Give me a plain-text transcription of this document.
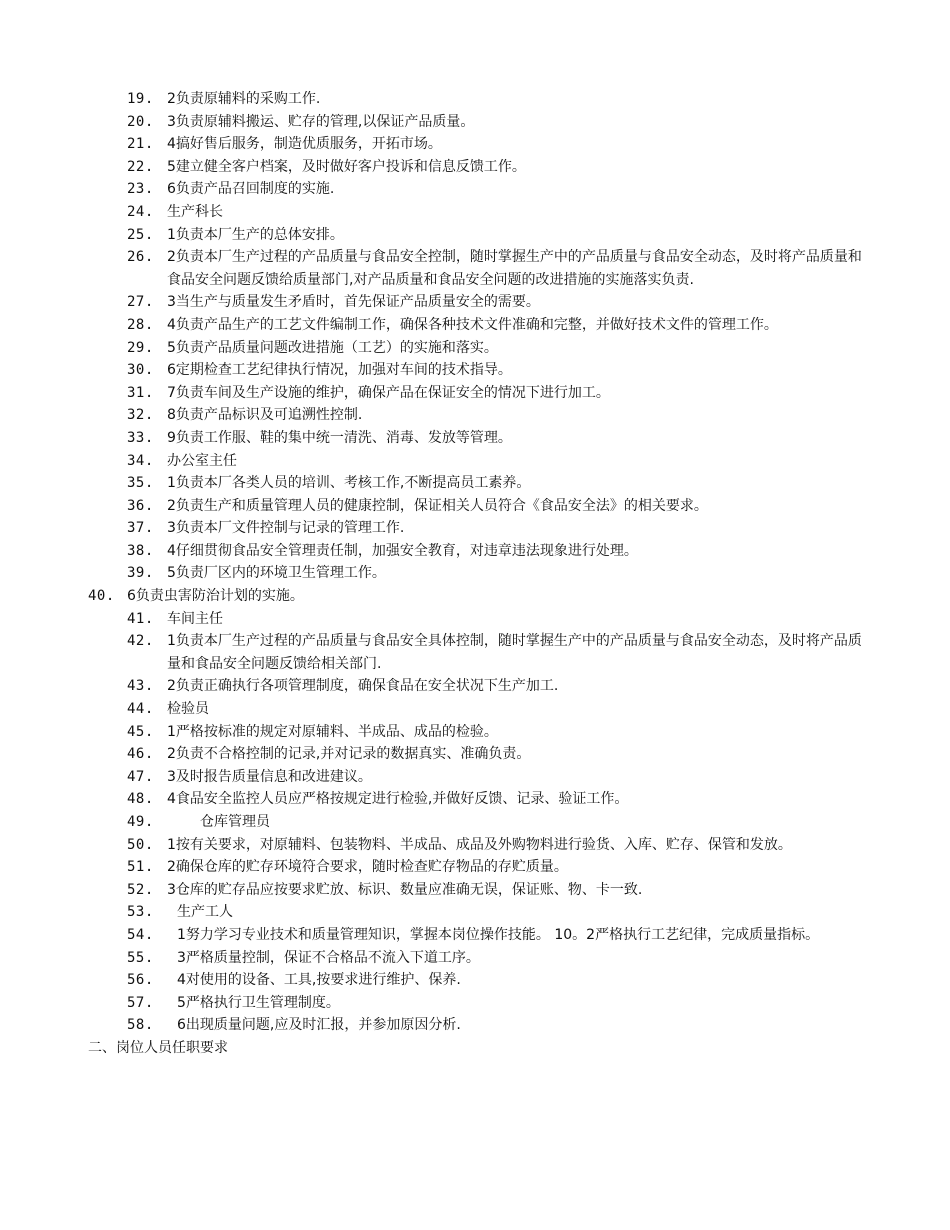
19. 2负责原辅料的采购工作.
20. 3负责原辅料搬运、贮存的管理,以保证产品质量。
21. 4搞好售后服务，制造优质服务，开拓市场。
22. 5建立健全客户档案，及时做好客户投诉和信息反馈工作。
23. 6负责产品召回制度的实施.
24. 生产科长
25. 1负责本厂生产的总体安排。
26. 2负责本厂生产过程的产品质量与食品安全控制，随时掌握生产中的产品质量与食品安全动态，及时将产品质量和食品安全问题反馈给质量部门,对产品质量和食品安全问题的改进措施的实施落实负责.
27. 3当生产与质量发生矛盾时，首先保证产品质量安全的需要。
28. 4负责产品生产的工艺文件编制工作，确保各种技术文件准确和完整，并做好技术文件的管理工作。
29. 5负责产品质量问题改进措施（工艺）的实施和落实。
30. 6定期检查工艺纪律执行情况，加强对车间的技术指导。
31. 7负责车间及生产设施的维护，确保产品在保证安全的情况下进行加工。
32. 8负责产品标识及可追溯性控制.
33. 9负责工作服、鞋的集中统一清洗、消毒、发放等管理。
34. 办公室主任
35. 1负责本厂各类人员的培训、考核工作,不断提高员工素养。
36. 2负责生产和质量管理人员的健康控制，保证相关人员符合《食品安全法》的相关要求。
37. 3负责本厂文件控制与记录的管理工作.
38. 4仔细贯彻食品安全管理责任制，加强安全教育，对违章违法现象进行处理。
39. 5负责厂区内的环境卫生管理工作。
40. 6负责虫害防治计划的实施。
41. 车间主任
42. 1负责本厂生产过程的产品质量与食品安全具体控制，随时掌握生产中的产品质量与食品安全动态，及时将产品质量和食品安全问题反馈给相关部门.
43. 2负责正确执行各项管理制度，确保食品在安全状况下生产加工.
44. 检验员
45. 1严格按标准的规定对原辅料、半成品、成品的检验。
46. 2负责不合格控制的记录,并对记录的数据真实、准确负责。
47. 3及时报告质量信息和改进建议。
48. 4食品安全监控人员应严格按规定进行检验,并做好反馈、记录、验证工作。
49.	仓库管理员
50. 1按有关要求，对原辅料、包装物料、半成品、成品及外购物料进行验货、入库、贮存、保管和发放。
51. 2确保仓库的贮存环境符合要求，随时检查贮存物品的存贮质量。
52. 3仓库的贮存品应按要求贮放、标识、数量应准确无误，保证账、物、卡一致.
53. 生产工人
54. 1努力学习专业技术和质量管理知识，掌握本岗位操作技能。 10。2严格执行工艺纪律，完成质量指标。
55. 3严格质量控制，保证不合格品不流入下道工序。
56. 4对使用的设备、工具,按要求进行维护、保养.
57. 5严格执行卫生管理制度。
58. 6出现质量问题,应及时汇报，并参加原因分析.
二、岗位人员任职要求
